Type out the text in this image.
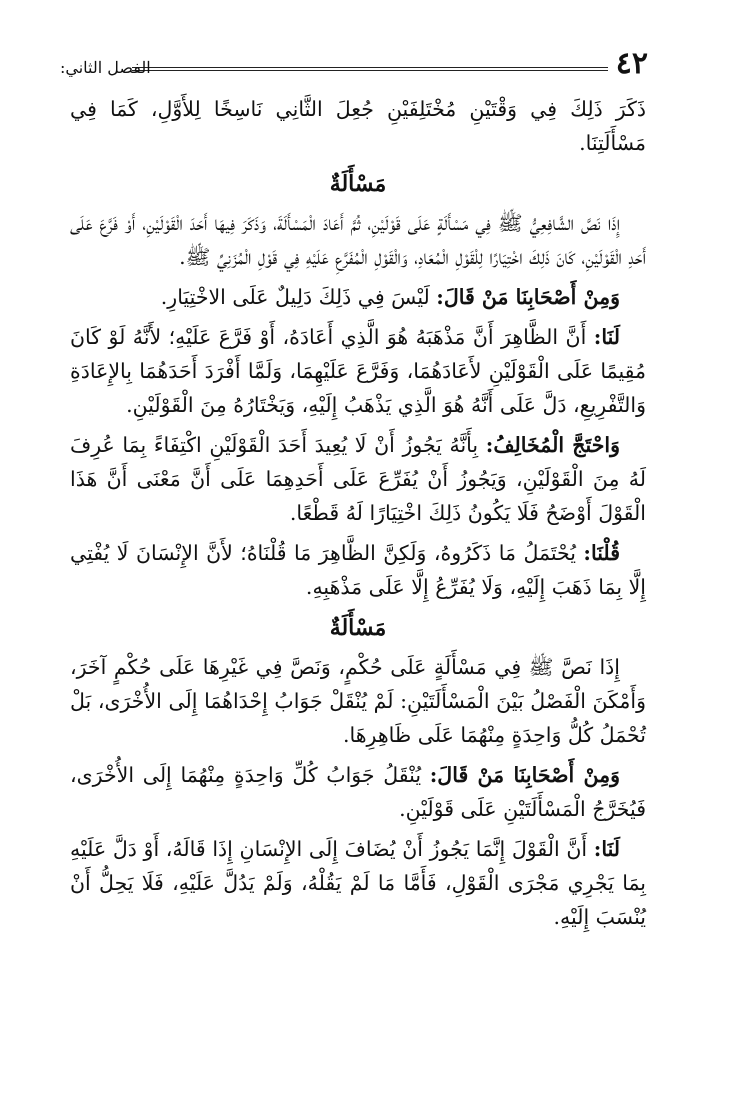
٤٢
الفصل الثاني:

ذَكَرَ ذَلِكَ فِي وَقْتَيْنِ مُخْتَلِفَيْنِ جُعِلَ الثَّانِي نَاسِخًا لِلأَوَّلِ، كَمَا فِي مَسْأَلَتِنَا.

مَسْأَلَةٌ

إِذَا نَصَّ الشَّافِعِيُّ ﷺ فِي مَسْأَلَةٍ عَلَى قَوْلَيْنِ، ثُمَّ أَعَادَ الْمَسْأَلَةَ، وَذَكَرَ فِيهَا أَحَدَ الْقَوْلَيْنِ، أَوْ فَرَّعَ عَلَى أَحَدِ الْقَوْلَيْنِ، كَانَ ذَلِكَ اخْتِيَارًا لِلْقَوْلِ الْمُعَادِ، وَالْقَوْلِ الْمُفَرَّعِ عَلَيْهِ فِي قَوْلِ الْمُزَنِيِّ ﷺ.

وَمِنْ أَصْحَابِنَا مَنْ قَالَ: لَيْسَ فِي ذَلِكَ دَلِيلٌ عَلَى الاخْتِيَارِ.

لَنَا: أَنَّ الظَّاهِرَ أَنَّ مَذْهَبَهُ هُوَ الَّذِي أَعَادَهُ، أَوْ فَرَّعَ عَلَيْهِ؛ لأَنَّهُ لَوْ كَانَ مُقِيمًا عَلَى الْقَوْلَيْنِ لأَعَادَهُمَا، وَفَرَّعَ عَلَيْهِمَا، وَلَمَّا أَفْرَدَ أَحَدَهُمَا بِالإِعَادَةِ وَالتَّفْرِيعِ، دَلَّ عَلَى أَنَّهُ هُوَ الَّذِي يَذْهَبُ إِلَيْهِ، وَيَخْتَارُهُ مِنَ الْقَوْلَيْنِ.

وَاحْتَجَّ الْمُخَالِفُ: بِأَنَّهُ يَجُوزُ أَنْ لَا يُعِيدَ أَحَدَ الْقَوْلَيْنِ اكْتِفَاءً بِمَا عُرِفَ لَهُ مِنَ الْقَوْلَيْنِ، وَيَجُوزُ أَنْ يُفَرِّعَ عَلَى أَحَدِهِمَا عَلَى أَنَّ مَعْنَى أَنَّ هَذَا الْقَوْلَ أَوْضَحُ فَلَا يَكُونُ ذَلِكَ اخْتِيَارًا لَهُ قَطْعًا.

قُلْنَا: يُحْتَمَلُ مَا ذَكَرُوهُ، وَلَكِنَّ الظَّاهِرَ مَا قُلْنَاهُ؛ لأَنَّ الإِنْسَانَ لَا يُفْتِي إِلَّا بِمَا ذَهَبَ إِلَيْهِ، وَلَا يُفَرِّعُ إِلَّا عَلَى مَذْهَبِهِ.

مَسْأَلَةٌ

إِذَا نَصَّ ﷺ فِي مَسْأَلَةٍ عَلَى حُكْمٍ، وَنَصَّ فِي غَيْرِهَا عَلَى حُكْمٍ آخَرَ، وَأَمْكَنَ الْفَصْلُ بَيْنَ الْمَسْأَلَتَيْنِ: لَمْ يُنْقَلْ جَوَابُ إِحْدَاهُمَا إِلَى الأُخْرَى، بَلْ تُحْمَلُ كُلُّ وَاحِدَةٍ مِنْهُمَا عَلَى ظَاهِرِهَا.

وَمِنْ أَصْحَابِنَا مَنْ قَالَ: يُنْقَلُ جَوَابُ كُلِّ وَاحِدَةٍ مِنْهُمَا إِلَى الأُخْرَى، فَيُخَرَّجُ الْمَسْأَلَتَيْنِ عَلَى قَوْلَيْنِ.

لَنَا: أَنَّ الْقَوْلَ إِنَّمَا يَجُوزُ أَنْ يُضَافَ إِلَى الإِنْسَانِ إِذَا قَالَهُ، أَوْ دَلَّ عَلَيْهِ بِمَا يَجْرِي مَجْرَى الْقَوْلِ، فَأَمَّا مَا لَمْ يَقُلْهُ، وَلَمْ يَدُلَّ عَلَيْهِ، فَلَا يَحِلُّ أَنْ يُنْسَبَ إِلَيْهِ.
